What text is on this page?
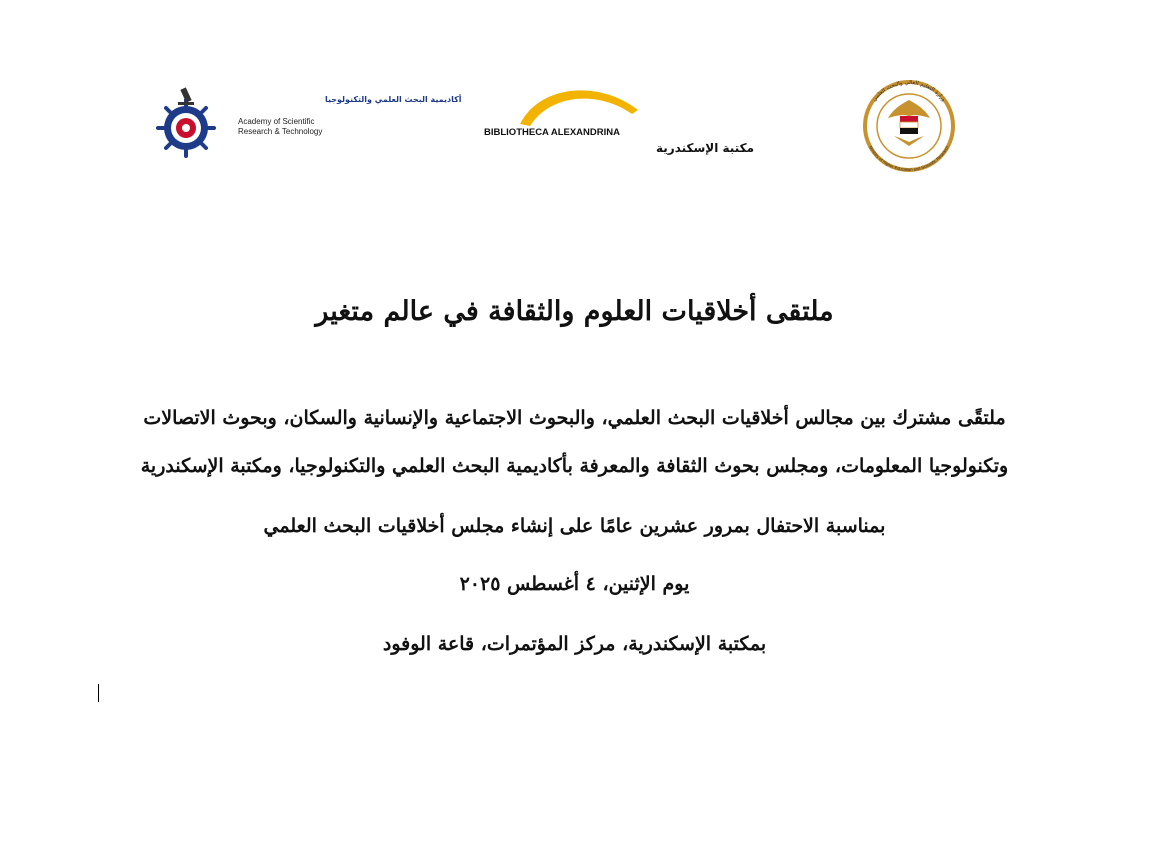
أكاديمية البحث العلمي والتكنولوجيا
Academy of Scientific
Research & Technology	BIBLIOTHECA ALEXANDRINA
مكتبة الإسكندرية
وزارة التعليم العالي والبحث العلمي
Ministry of Higher Education and Scientific Research
ملتقى أخلاقيات العلوم والثقافة في عالم متغير

ملتقًى مشترك بين مجالس أخلاقيات البحث العلمي، والبحوث الاجتماعية والإنسانية والسكان، وبحوث الاتصالات وتكنولوجيا المعلومات، ومجلس بحوث الثقافة والمعرفة بأكاديمية البحث العلمي والتكنولوجيا، ومكتبة الإسكندرية

بمناسبة الاحتفال بمرور عشرين عامًا على إنشاء مجلس أخلاقيات البحث العلمي

يوم الإثنين، ٤ أغسطس ٢٠٢٥

بمكتبة الإسكندرية، مركز المؤتمرات، قاعة الوفود
